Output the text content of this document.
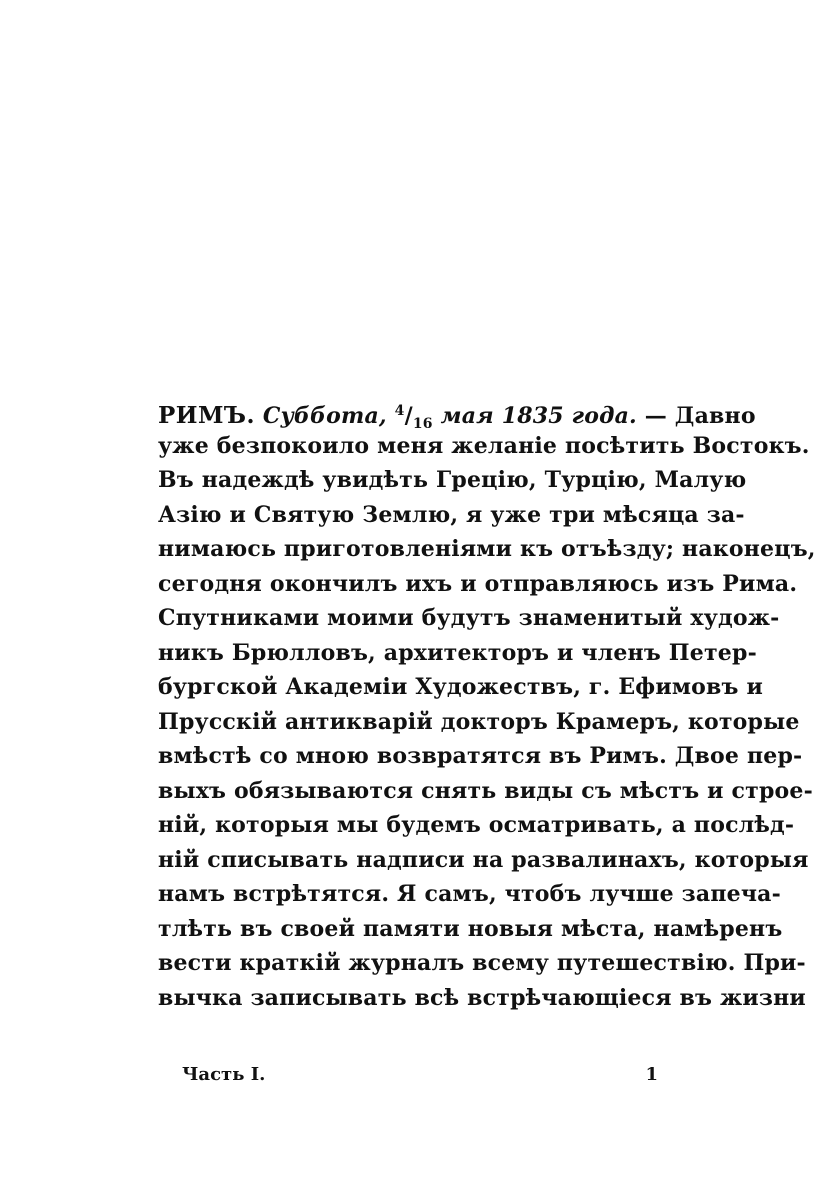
РИМЪ. Суббота, $^4/_{16}$ мая 1835 года. — Давно
уже безпокоило меня желаніе посѣтить Востокъ.
Въ надеждѣ увидѣть Грецію, Турцію, Малую
Азію и Святую Землю, я уже три мѣсяца за-
нимаюсь приготовленіями къ отъѣзду; наконецъ,
сегодня окончилъ ихъ и отправляюсь изъ Рима.
Спутниками моими будутъ знаменитый худож-
никъ Брюлловъ, архитекторъ и членъ Петер-
бургской Академіи Художествъ, г. Ефимовъ и
Прусскій антикварій докторъ Крамеръ, которые
вмѣстѣ со мною возвратятся въ Римъ. Двое пер-
выхъ обязываются снять виды съ мѣстъ и строе-
ній, которыя мы будемъ осматривать, а послѣд-
ній списывать надписи на развалинахъ, которыя
намъ встрѣтятся. Я самъ, чтобъ лучше запеча-
тлѣть въ своей памяти новыя мѣста, намѣренъ
вести краткій журналъ всему путешествію. При-
вычка записывать всѣ встрѣчающіеся въ жизни
Часть I.	1
